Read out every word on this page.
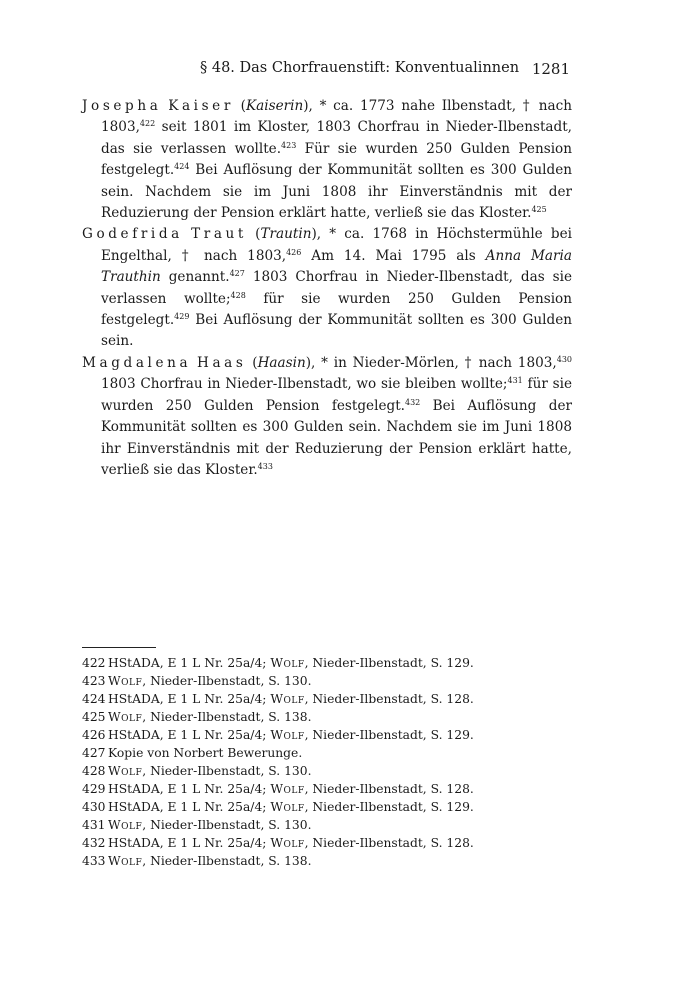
§ 48. Das Chorfrauenstift: Konventualinnen 1281

Josepha Kaiser (Kaiserin), * ca. 1773 nahe Ilbenstadt, † nach 1803,$^{422}$ seit 1801 im Kloster, 1803 Chorfrau in Nieder-Ilbenstadt, das sie verlassen wollte.$^{423}$ Für sie wurden 250 Gulden Pension festgelegt.$^{424}$ Bei Auflösung der Kommunität sollten es 300 Gulden sein. Nachdem sie im Juni 1808 ihr Einverständnis mit der Reduzierung der Pension erklärt hatte, verließ sie das Kloster.$^{425}$

Godefrida Traut (Trautin), * ca. 1768 in Höchstermühle bei Engelthal, † nach 1803,$^{426}$ Am 14. Mai 1795 als Anna Maria Trauthin genannt.$^{427}$ 1803 Chorfrau in Nieder-Ilbenstadt, das sie verlassen wollte;$^{428}$ für sie wurden 250 Gulden Pension festgelegt.$^{429}$ Bei Auflösung der Kommunität sollten es 300 Gulden sein.

Magdalena Haas (Haasin), * in Nieder-Mörlen, † nach 1803,$^{430}$ 1803 Chorfrau in Nieder-Ilbenstadt, wo sie bleiben wollte;$^{431}$ für sie wurden 250 Gulden Pension festgelegt.$^{432}$ Bei Auflösung der Kommunität sollten es 300 Gulden sein. Nachdem sie im Juni 1808 ihr Einverständnis mit der Reduzierung der Pension erklärt hatte, verließ sie das Kloster.$^{433}$

422 HStADA, E 1 L Nr. 25a/4; Wolf, Nieder-Ilbenstadt, S. 129.
423 Wolf, Nieder-Ilbenstadt, S. 130.
424 HStADA, E 1 L Nr. 25a/4; Wolf, Nieder-Ilbenstadt, S. 128.
425 Wolf, Nieder-Ilbenstadt, S. 138.
426 HStADA, E 1 L Nr. 25a/4; Wolf, Nieder-Ilbenstadt, S. 129.
427 Kopie von Norbert Bewerunge.
428 Wolf, Nieder-Ilbenstadt, S. 130.
429 HStADA, E 1 L Nr. 25a/4; Wolf, Nieder-Ilbenstadt, S. 128.
430 HStADA, E 1 L Nr. 25a/4; Wolf, Nieder-Ilbenstadt, S. 129.
431 Wolf, Nieder-Ilbenstadt, S. 130.
432 HStADA, E 1 L Nr. 25a/4; Wolf, Nieder-Ilbenstadt, S. 128.
433 Wolf, Nieder-Ilbenstadt, S. 138.
